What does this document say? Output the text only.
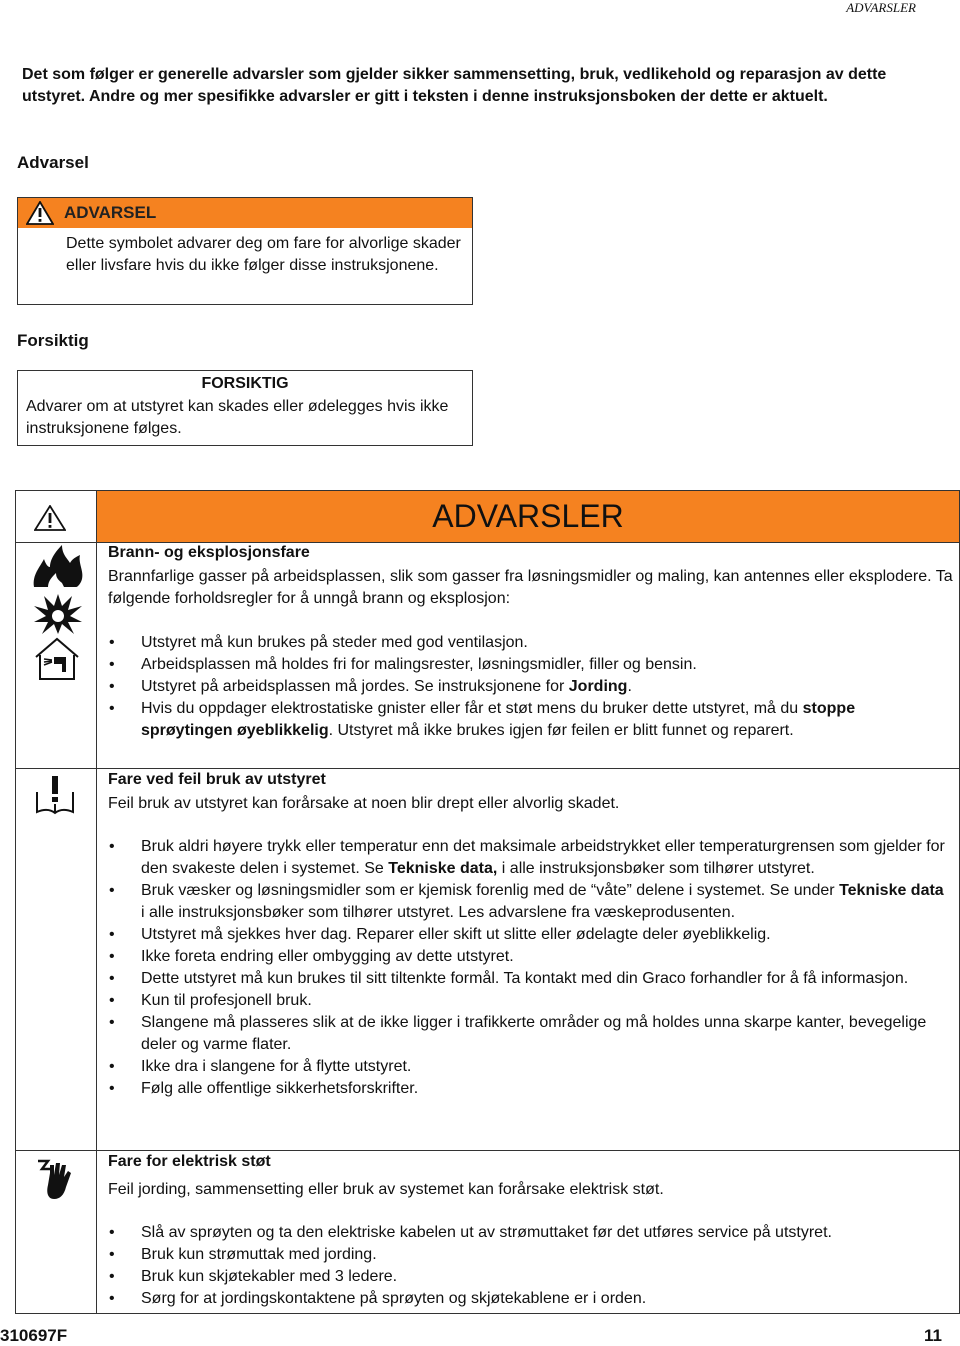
ADVARSLER
Det som følger er generelle advarsler som gjelder sikker sammensetting, bruk, vedlikehold og reparasjon av dette utstyret. Andre og mer spesifikke advarsler er gitt i teksten i denne instruksjonsboken der dette er aktuelt.
Advarsel
ADVARSEL
Dette symbolet advarer deg om fare for alvorlige skader eller livsfare hvis du ikke følger disse instruksjonene.
Forsiktig
FORSIKTIG
Advarer om at utstyret kan skades eller ødelegges hvis ikke instruksjonene følges.
ADVARSLER
Brann- og eksplosjonsfare
Brannfarlige gasser på arbeidsplassen, slik som gasser fra løsningsmidler og maling, kan antennes eller eksplodere. Ta følgende forholdsregler for å unngå brann og eksplosjon:
• Utstyret må kun brukes på steder med god ventilasjon.
• Arbeidsplassen må holdes fri for malingsrester, løsningsmidler, filler og bensin.
• Utstyret på arbeidsplassen må jordes. Se instruksjonene for Jording.
• Hvis du oppdager elektrostatiske gnister eller får et støt mens du bruker dette utstyret, må du stoppe sprøytingen øyeblikkelig. Utstyret må ikke brukes igjen før feilen er blitt funnet og reparert.
Fare ved feil bruk av utstyret
Feil bruk av utstyret kan forårsake at noen blir drept eller alvorlig skadet.
• Bruk aldri høyere trykk eller temperatur enn det maksimale arbeidstrykket eller temperaturgrensen som gjelder for den svakeste delen i systemet. Se Tekniske data, i alle instruksjonsbøker som tilhører utstyret.
• Bruk væsker og løsningsmidler som er kjemisk forenlig med de “våte” delene i systemet. Se under Tekniske data i alle instruksjonsbøker som tilhører utstyret. Les advarslene fra væskeprodusenten.
• Utstyret må sjekkes hver dag. Reparer eller skift ut slitte eller ødelagte deler øyeblikkelig.
• Ikke foreta endring eller ombygging av dette utstyret.
• Dette utstyret må kun brukes til sitt tiltenkte formål. Ta kontakt med din Graco forhandler for å få informasjon.
• Kun til profesjonell bruk.
• Slangene må plasseres slik at de ikke ligger i trafikkerte områder og må holdes unna skarpe kanter, bevegelige deler og varme flater.
• Ikke dra i slangene for å flytte utstyret.
• Følg alle offentlige sikkerhetsforskrifter.
Fare for elektrisk støt
Feil jording, sammensetting eller bruk av systemet kan forårsake elektrisk støt.
• Slå av sprøyten og ta den elektriske kabelen ut av strømuttaket før det utføres service på utstyret.
• Bruk kun strømuttak med jording.
• Bruk kun skjøtekabler med 3 ledere.
• Sørg for at jordingskontaktene på sprøyten og skjøtekablene er i orden.
310697F	11
